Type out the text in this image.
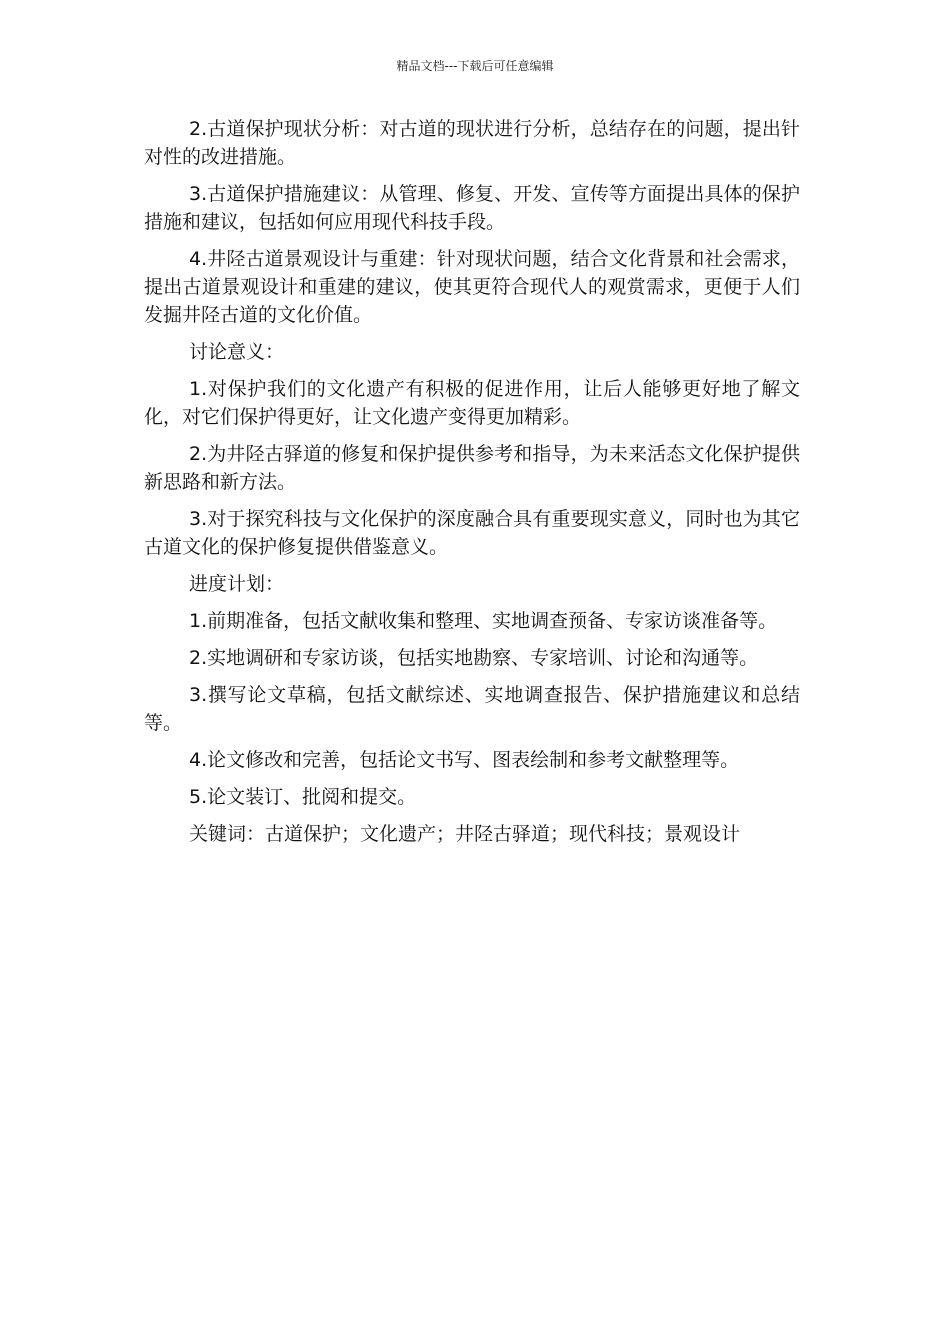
精品文档---下载后可任意编辑

2.古道保护现状分析：对古道的现状进行分析，总结存在的问题，提出针对性的改进措施。

3.古道保护措施建议：从管理、修复、开发、宣传等方面提出具体的保护措施和建议，包括如何应用现代科技手段。

4.井陉古道景观设计与重建：针对现状问题，结合文化背景和社会需求，提出古道景观设计和重建的建议，使其更符合现代人的观赏需求，更便于人们发掘井陉古道的文化价值。

讨论意义：

1.对保护我们的文化遗产有积极的促进作用，让后人能够更好地了解文化，对它们保护得更好，让文化遗产变得更加精彩。

2.为井陉古驿道的修复和保护提供参考和指导，为未来活态文化保护提供新思路和新方法。

3.对于探究科技与文化保护的深度融合具有重要现实意义，同时也为其它古道文化的保护修复提供借鉴意义。

进度计划：

1.前期准备，包括文献收集和整理、实地调查预备、专家访谈准备等。

2.实地调研和专家访谈，包括实地勘察、专家培训、讨论和沟通等。

3.撰写论文草稿，包括文献综述、实地调查报告、保护措施建议和总结等。

4.论文修改和完善，包括论文书写、图表绘制和参考文献整理等。

5.论文装订、批阅和提交。

关键词：古道保护；文化遗产；井陉古驿道；现代科技；景观设计
